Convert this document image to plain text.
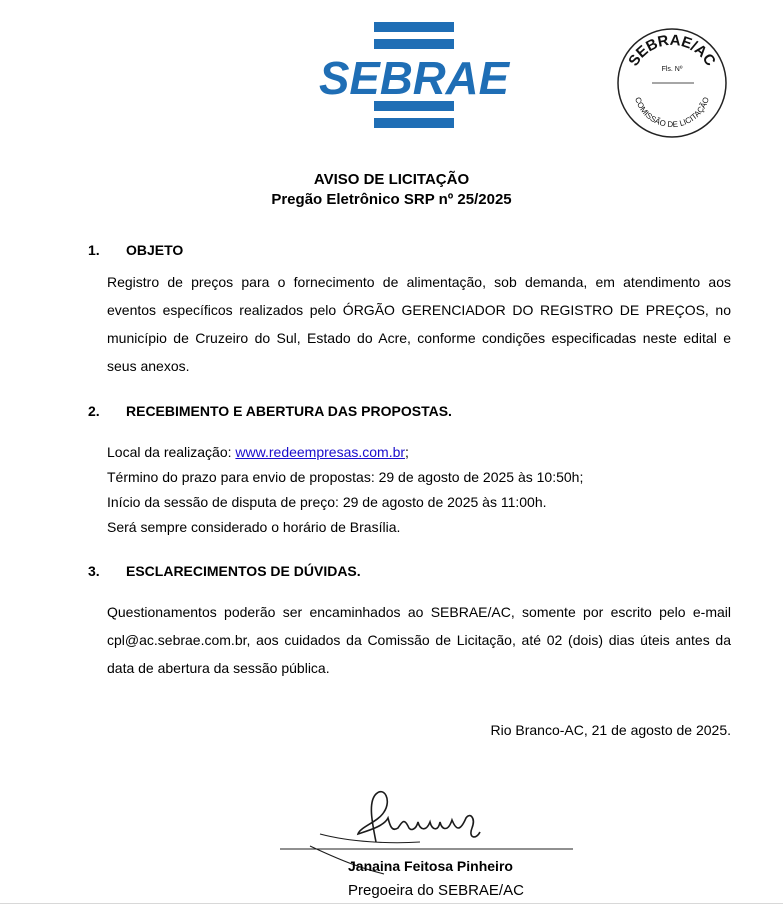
SEBRAE	SEBRAE/AC
COMISSÃO DE LICITAÇÃO
Fls. Nº
AVISO DE LICITAÇÃO
Pregão Eletrônico SRP nº 25/2025
1. OBJETO
Registro de preços para o fornecimento de alimentação, sob demanda, em atendimento aos eventos específicos realizados pelo ÓRGÃO GERENCIADOR DO REGISTRO DE PREÇOS, no município de Cruzeiro do Sul, Estado do Acre, conforme condições especificadas neste edital e seus anexos.
2. RECEBIMENTO E ABERTURA DAS PROPOSTAS.
Local da realização: www.redeempresas.com.br;
Término do prazo para envio de propostas: 29 de agosto de 2025 às 10:50h;
Início da sessão de disputa de preço: 29 de agosto de 2025 às 11:00h.
Será sempre considerado o horário de Brasília.
3. ESCLARECIMENTOS DE DÚVIDAS.
Questionamentos poderão ser encaminhados ao SEBRAE/AC, somente por escrito pelo e-mail cpl@ac.sebrae.com.br, aos cuidados da Comissão de Licitação, até 02 (dois) dias úteis antes da data de abertura da sessão pública.
Rio Branco-AC, 21 de agosto de 2025.
Janaina Feitosa Pinheiro
Pregoeira do SEBRAE/AC
